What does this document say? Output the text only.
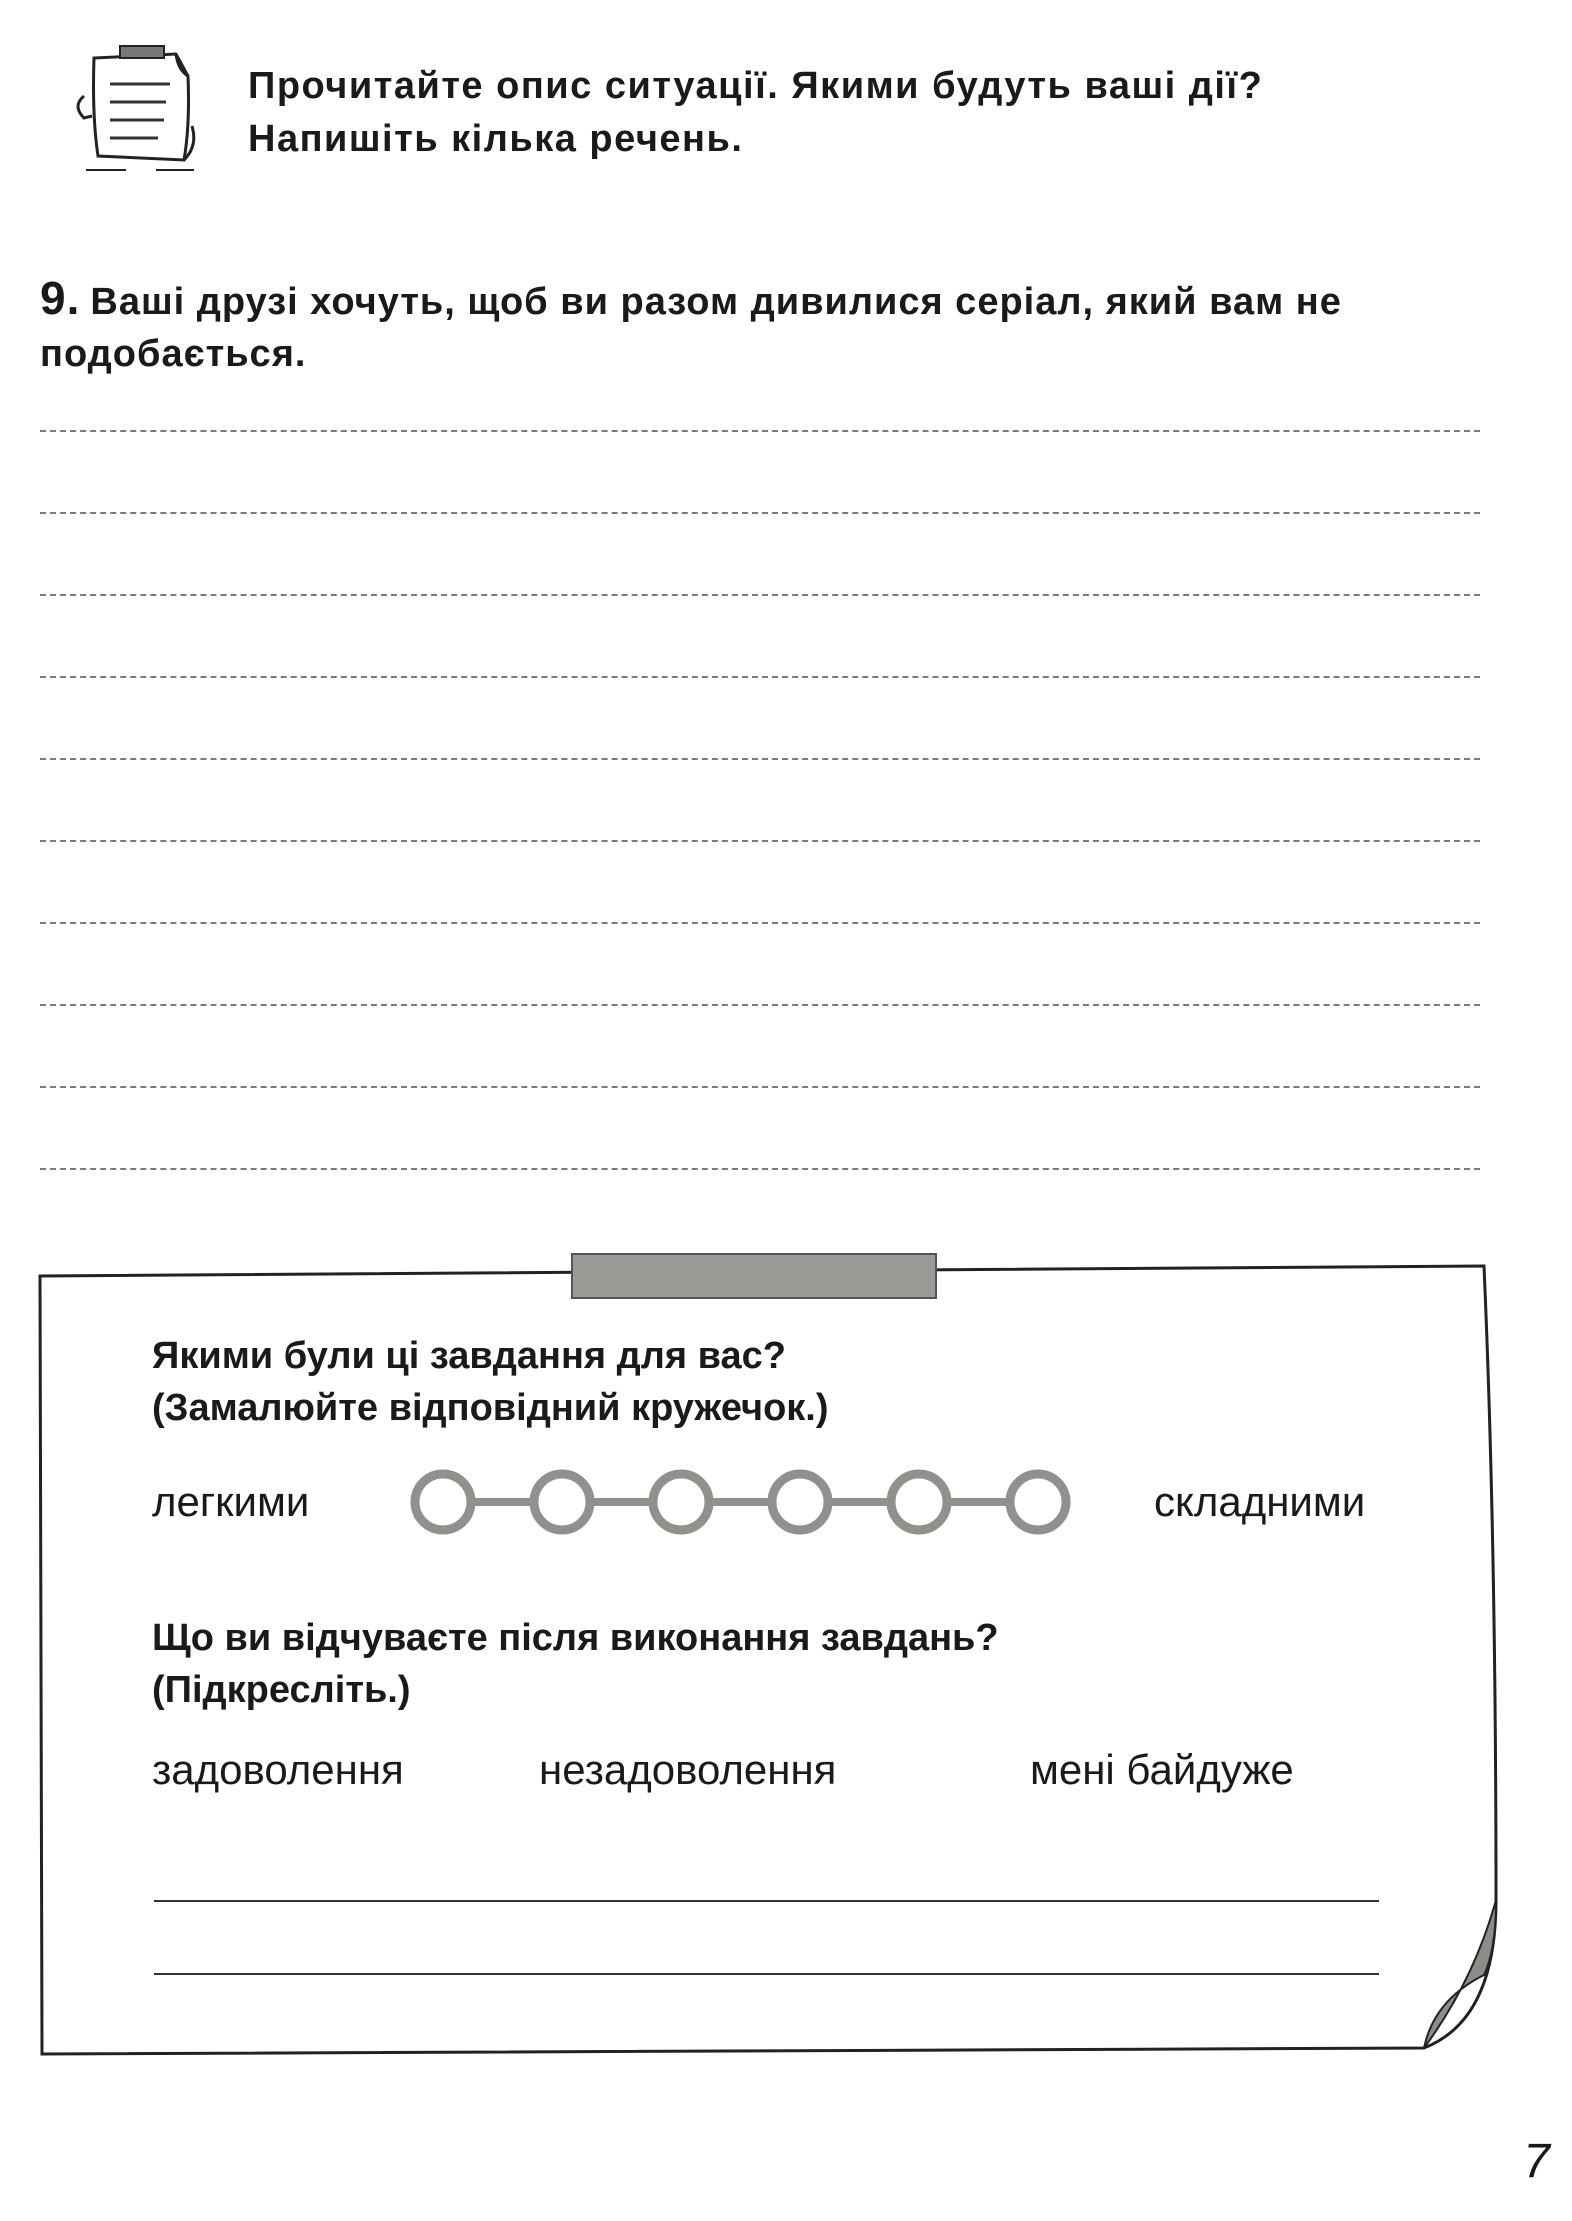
Прочитайте опис ситуації. Якими будуть ваші дії?
Напишіть кілька речень.
9. Ваші друзі хочуть, щоб ви разом дивилися серіал, який вам не подобається.
Якими були ці завдання для вас?
(Замалюйте відповідний кружечок.)
легкими	складними
Що ви відчуваєте після виконання завдань?
(Підкресліть.)
задоволення	незадоволення	мені байдуже
7
